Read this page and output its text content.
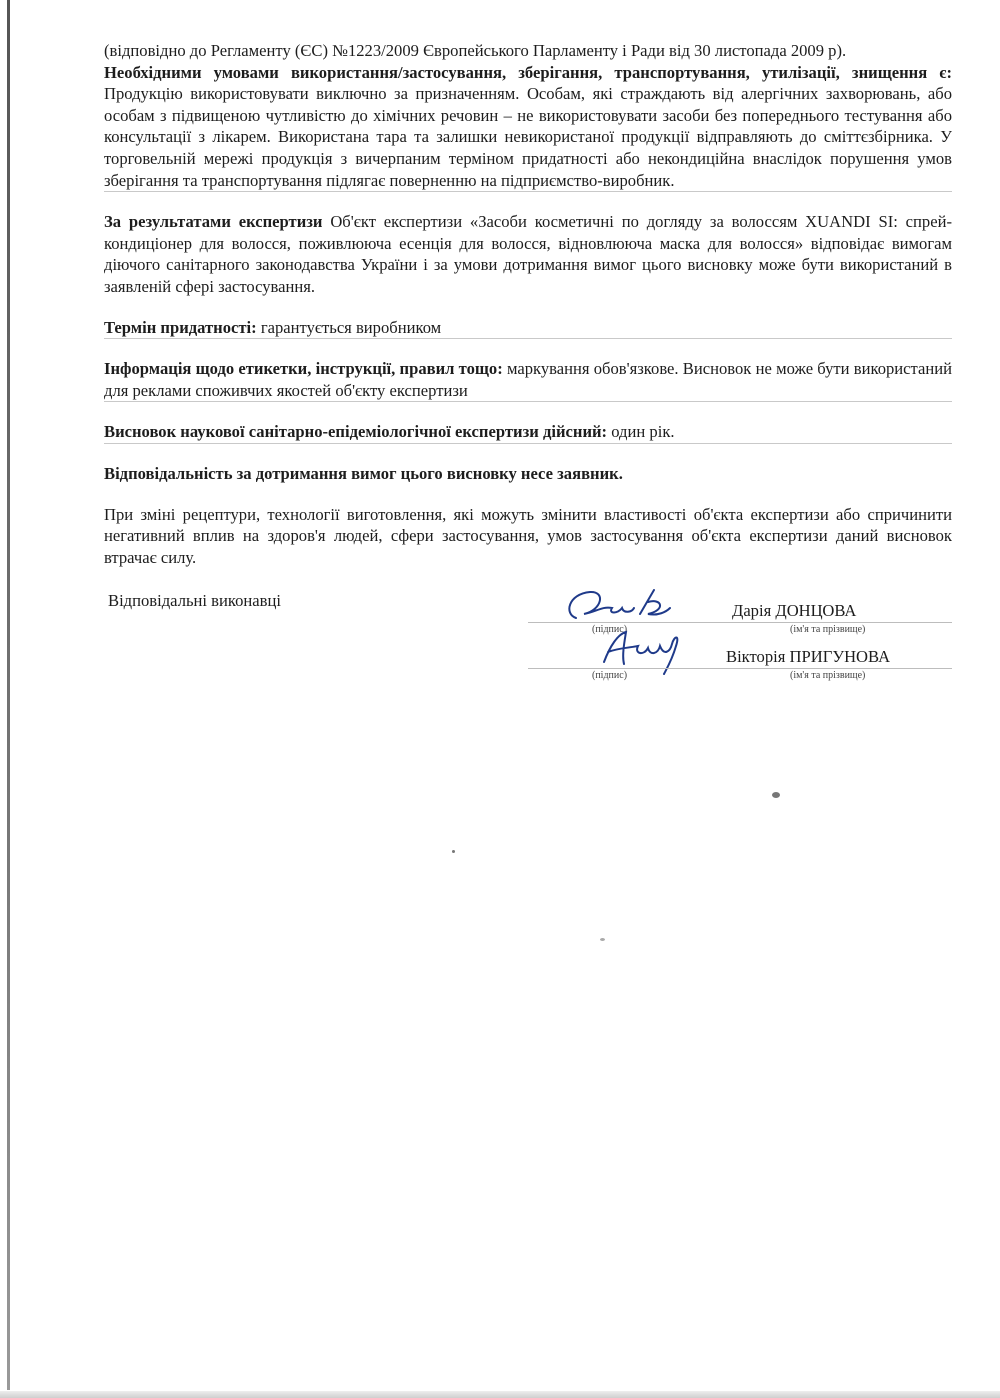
(відповідно до Регламенту (ЄС) №1223/2009 Європейського Парламенту і Ради від 30 листопада 2009 р).

Необхідними умовами використання/застосування, зберігання, транспортування, утилізації, знищення є: Продукцію використовувати виключно за призначенням. Особам, які страждають від алергічних захворювань, або особам з підвищеною чутливістю до хімічних речовин – не використовувати засоби без попереднього тестування або консультації з лікарем. Використана тара та залишки невикористаної продукції відправляють до сміттєзбірника. У торговельній мережі продукція з вичерпаним терміном придатності або некондиційна внаслідок порушення умов зберігання та транспортування підлягає поверненню на підприємство-виробник.

За результатами експертизи Об'єкт експертизи «Засоби косметичні по догляду за волоссям XUANDI SI: спрей-кондиціонер для волосся, поживлююча есенція для волосся, відновлююча маска для волосся» відповідає вимогам діючого санітарного законодавства України і за умови дотримання вимог цього висновку може бути використаний в заявленій сфері застосування.

Термін придатності: гарантується виробником

Інформація щодо етикетки, інструкції, правил тощо: маркування обов'язкове. Висновок не може бути використаний для реклами споживчих якостей об'єкту експертизи

Висновок наукової санітарно-епідеміологічної експертизи дійсний: один рік.

Відповідальність за дотримання вимог цього висновку несе заявник.

При зміні рецептури, технології виготовлення, які можуть змінити властивості об'єкта експертизи або спричинити негативний вплив на здоров'я людей, сфери застосування, умов застосування об'єкта експертизи даний висновок втрачає силу.

Відповідальні виконавці
(підпис)
Дарія ДОНЦОВА
(ім'я та прізвище)
(підпис)
Вікторія ПРИГУНОВА
(ім'я та прізвище)
